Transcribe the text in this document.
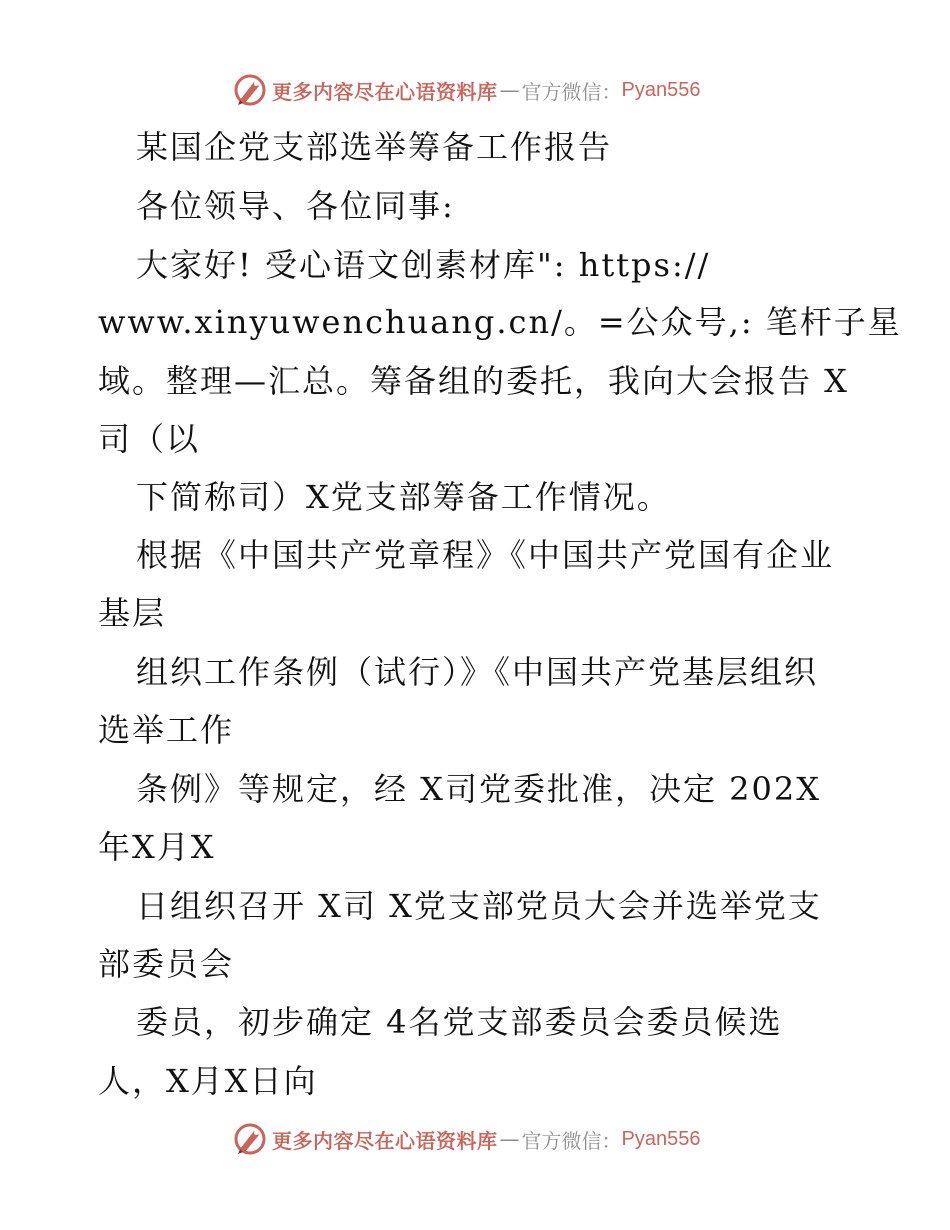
更多内容尽在心语资料库 — 官方微信： Pyan556
某国企党支部选举筹备工作报告
各位领导、各位同事:
大家好! 受心语文创素材库": https://
www.xinyuwenchuang.cn/。=公众号,: 笔杆子星
域。整理—汇总。筹备组的委托，我向大会报告 X
司（以
下简称司）X党支部筹备工作情况。
根据《中国共产党章程》《中国共产党国有企业
基层
组织工作条例（试行）》《中国共产党基层组织
选举工作
条例》等规定，经 X司党委批准，决定 202X
年X月X
日组织召开 X司 X党支部党员大会并选举党支
部委员会
委员，初步确定 4名党支部委员会委员候选
人，X月X日向
更多内容尽在心语资料库 — 官方微信： Pyan556
